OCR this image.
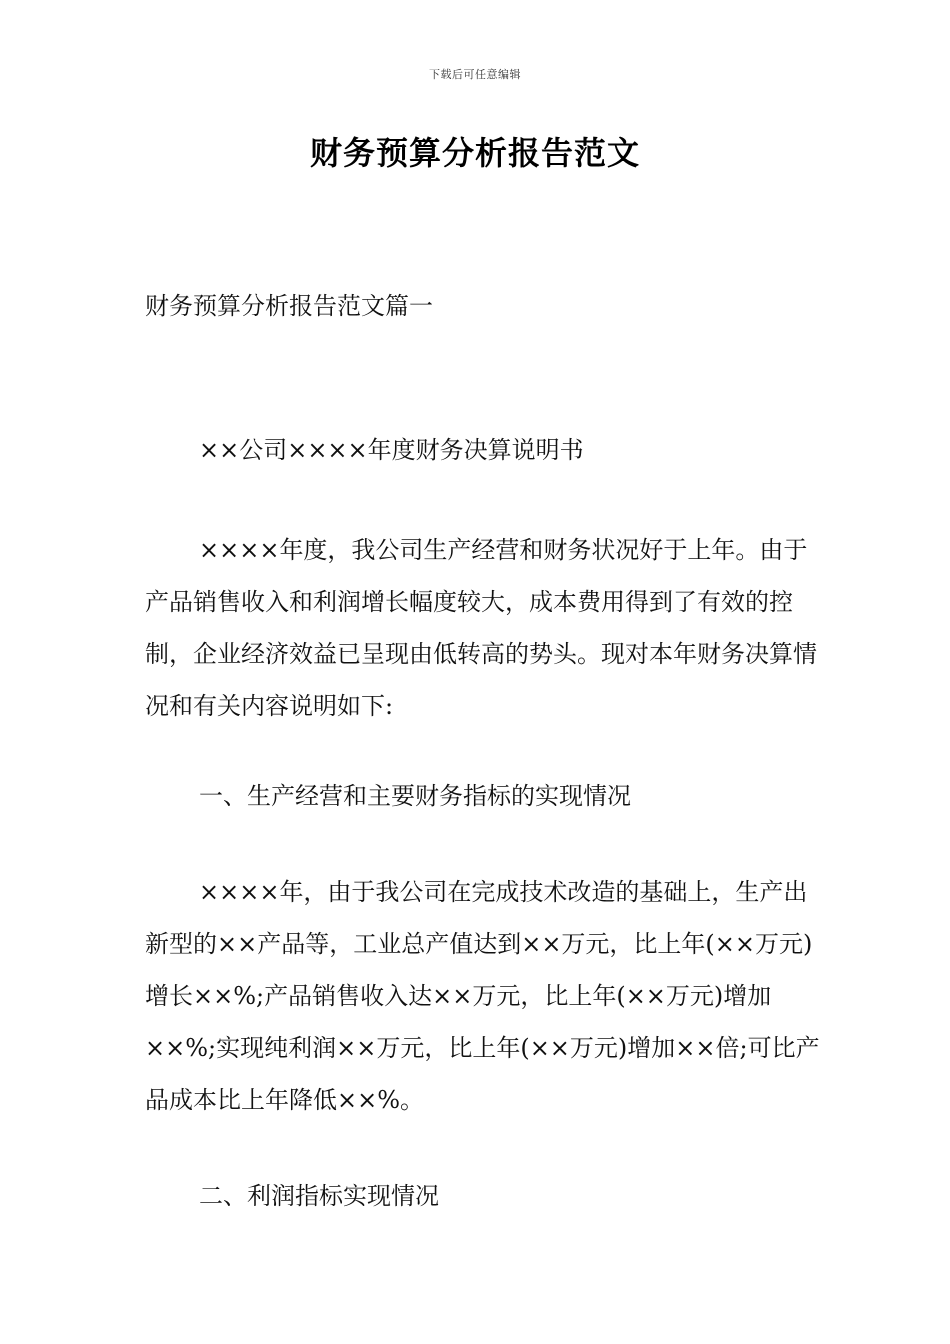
下载后可任意编辑
财务预算分析报告范文

财务预算分析报告范文篇一

××公司××××年度财务决算说明书

××××年度，我公司生产经营和财务状况好于上年。由于产品销售收入和利润增长幅度较大，成本费用得到了有效的控制，企业经济效益已呈现由低转高的势头。现对本年财务决算情况和有关内容说明如下:

一、生产经营和主要财务指标的实现情况

××××年，由于我公司在完成技术改造的基础上，生产出新型的××产品等，工业总产值达到××万元，比上年(××万元)增长××%;产品销售收入达××万元，比上年(××万元)增加××%;实现纯利润××万元，比上年(××万元)增加××倍;可比产品成本比上年降低××%。

二、利润指标实现情况
